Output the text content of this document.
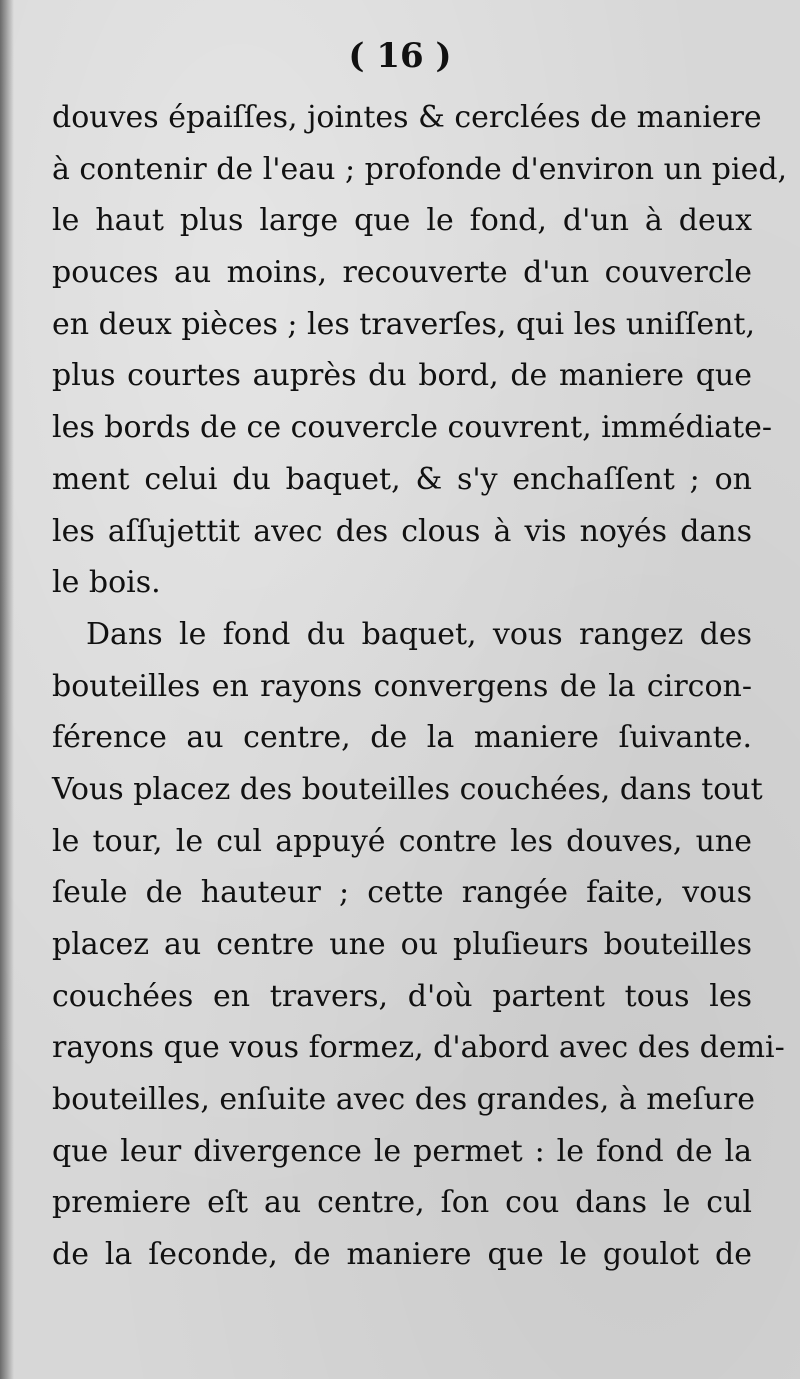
( 16 )
douves épaiſſes, jointes & cerclées de maniere
à contenir de l'eau ; profonde d'environ un pied,
le haut plus large que le fond, d'un à deux
pouces au moins, recouverte d'un couvercle
en deux pièces ; les traverſes, qui les uniſſent,
plus courtes auprès du bord, de maniere que
les bords de ce couvercle couvrent, immédiate-
ment celui du baquet, & s'y enchaſſent ; on
les aſſujettit avec des clous à vis noyés dans
le bois.
Dans le fond du baquet, vous rangez des
bouteilles en rayons convergens de la circon-
férence au centre, de la maniere ſuivante.
Vous placez des bouteilles couchées, dans tout
le tour, le cul appuyé contre les douves, une
ſeule de hauteur ; cette rangée faite, vous
placez au centre une ou pluſieurs bouteilles
couchées en travers, d'où partent tous les
rayons que vous formez, d'abord avec des demi-
bouteilles, enſuite avec des grandes, à meſure
que leur divergence le permet : le fond de la
premiere eſt au centre, ſon cou dans le cul
de la ſeconde, de maniere que le goulot de
